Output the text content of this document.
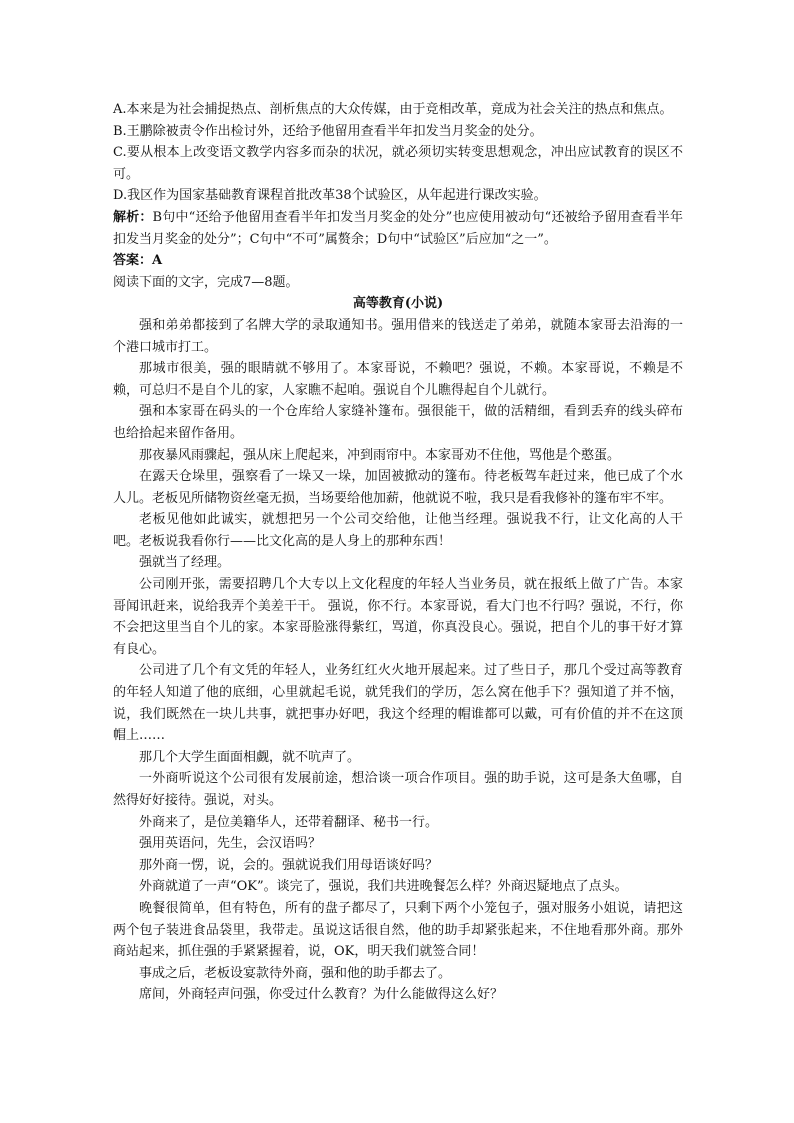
A.本来是为社会捕捉热点、剖析焦点的大众传媒，由于竞相改革，竟成为社会关注的热点和焦点。

B.王鹏除被责令作出检讨外，还给予他留用查看半年扣发当月奖金的处分。

C.要从根本上改变语文教学内容多而杂的状况，就必须切实转变思想观念，冲出应试教育的误区不可。

D.我区作为国家基础教育课程首批改革38个试验区，从年起进行课改实验。

解析：B句中“还给予他留用查看半年扣发当月奖金的处分”也应使用被动句“还被给予留用查看半年扣发当月奖金的处分”；C句中“不可”属赘余；D句中“试验区”后应加“之一”。

答案：A

阅读下面的文字，完成7—8题。

高等教育(小说)

强和弟弟都接到了名牌大学的录取通知书。强用借来的钱送走了弟弟，就随本家哥去沿海的一个港口城市打工。

那城市很美，强的眼睛就不够用了。本家哥说，不赖吧？强说，不赖。本家哥说，不赖是不赖，可总归不是自个儿的家，人家瞧不起咱。强说自个儿瞧得起自个儿就行。

强和本家哥在码头的一个仓库给人家缝补篷布。强很能干，做的活精细，看到丢弃的线头碎布也给拾起来留作备用。

那夜暴风雨骤起，强从床上爬起来，冲到雨帘中。本家哥劝不住他，骂他是个憨蛋。

在露天仓垛里，强察看了一垛又一垛，加固被掀动的篷布。待老板驾车赶过来，他已成了个水人儿。老板见所储物资丝毫无损，当场要给他加薪，他就说不啦，我只是看我修补的篷布牢不牢。

老板见他如此诚实，就想把另一个公司交给他，让他当经理。强说我不行，让文化高的人干吧。老板说我看你行——比文化高的是人身上的那种东西！

强就当了经理。

公司刚开张，需要招聘几个大专以上文化程度的年轻人当业务员，就在报纸上做了广告。本家哥闻讯赶来，说给我弄个美差干干。 强说，你不行。本家哥说，看大门也不行吗？强说，不行，你不会把这里当自个儿的家。本家哥脸涨得紫红，骂道，你真没良心。强说，把自个儿的事干好才算有良心。

公司进了几个有文凭的年轻人，业务红红火火地开展起来。过了些日子，那几个受过高等教育的年轻人知道了他的底细，心里就起毛说，就凭我们的学历，怎么窝在他手下？强知道了并不恼，说，我们既然在一块儿共事，就把事办好吧，我这个经理的帽谁都可以戴，可有价值的并不在这顶帽上……

那几个大学生面面相觑，就不吭声了。

一外商听说这个公司很有发展前途，想洽谈一项合作项目。强的助手说，这可是条大鱼哪，自然得好好接待。强说，对头。

外商来了，是位美籍华人，还带着翻译、秘书一行。

强用英语问，先生，会汉语吗？

那外商一愣，说，会的。强就说我们用母语谈好吗？

外商就道了一声“OK”。谈完了，强说，我们共进晚餐怎么样？外商迟疑地点了点头。

晚餐很简单，但有特色，所有的盘子都尽了，只剩下两个小笼包子，强对服务小姐说，请把这两个包子装进食品袋里，我带走。虽说这话很自然，他的助手却紧张起来，不住地看那外商。那外商站起来，抓住强的手紧紧握着，说，OK，明天我们就签合同！

事成之后，老板设宴款待外商，强和他的助手都去了。

席间，外商轻声问强，你受过什么教育？为什么能做得这么好？
